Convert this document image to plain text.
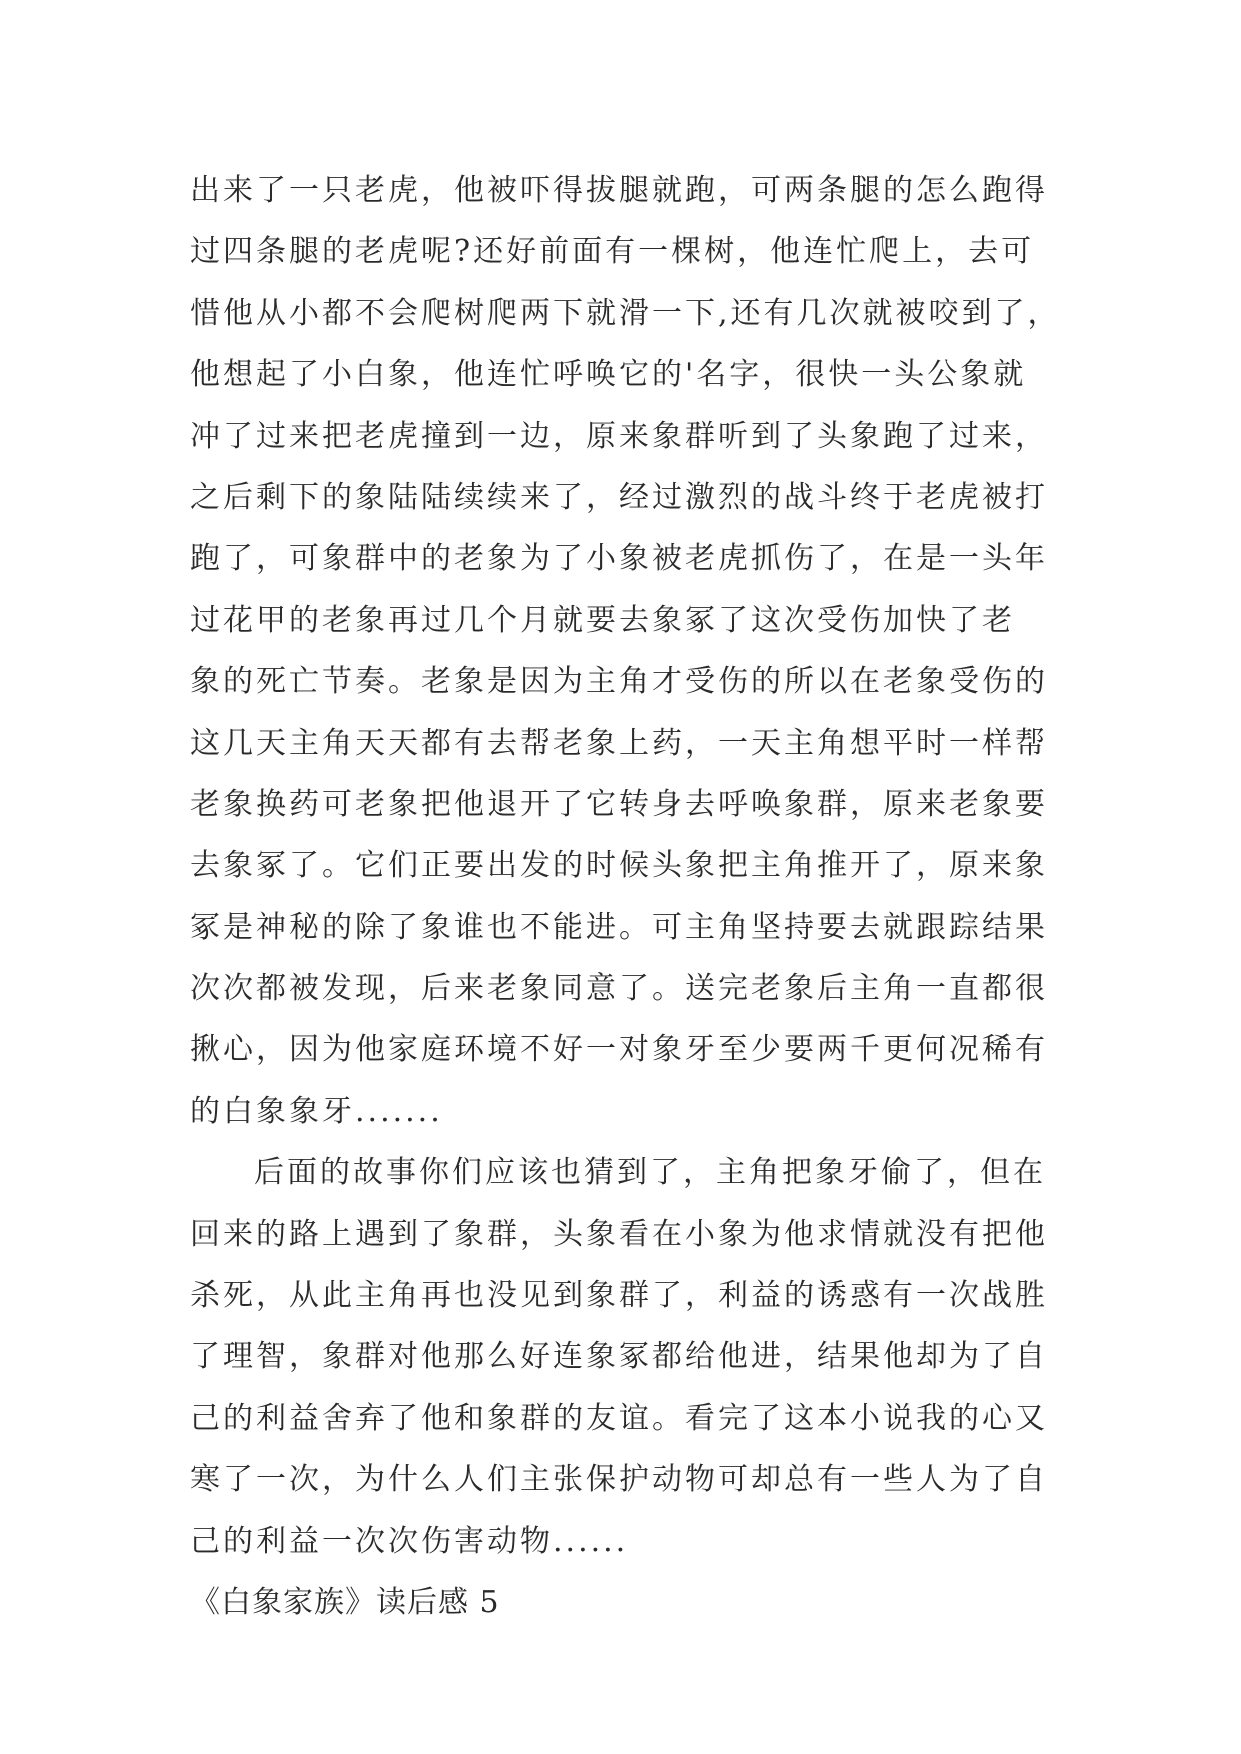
出来了一只老虎，他被吓得拔腿就跑，可两条腿的怎么跑得
过四条腿的老虎呢?还好前面有一棵树，他连忙爬上，去可
惜他从小都不会爬树爬两下就滑一下,还有几次就被咬到了，
他想起了小白象，他连忙呼唤它的'名字，很快一头公象就
冲了过来把老虎撞到一边，原来象群听到了头象跑了过来，
之后剩下的象陆陆续续来了，经过激烈的战斗终于老虎被打
跑了，可象群中的老象为了小象被老虎抓伤了，在是一头年
过花甲的老象再过几个月就要去象冢了这次受伤加快了老
象的死亡节奏。老象是因为主角才受伤的所以在老象受伤的
这几天主角天天都有去帮老象上药，一天主角想平时一样帮
老象换药可老象把他退开了它转身去呼唤象群，原来老象要
去象冢了。它们正要出发的时候头象把主角推开了，原来象
冢是神秘的除了象谁也不能进。可主角坚持要去就跟踪结果
次次都被发现，后来老象同意了。送完老象后主角一直都很
揪心，因为他家庭环境不好一对象牙至少要两千更何况稀有
的白象象牙.......
后面的故事你们应该也猜到了，主角把象牙偷了，但在
回来的路上遇到了象群，头象看在小象为他求情就没有把他
杀死，从此主角再也没见到象群了，利益的诱惑有一次战胜
了理智，象群对他那么好连象冢都给他进，结果他却为了自
己的利益舍弃了他和象群的友谊。看完了这本小说我的心又
寒了一次，为什么人们主张保护动物可却总有一些人为了自
己的利益一次次伤害动物......
《白象家族》读后感 5
